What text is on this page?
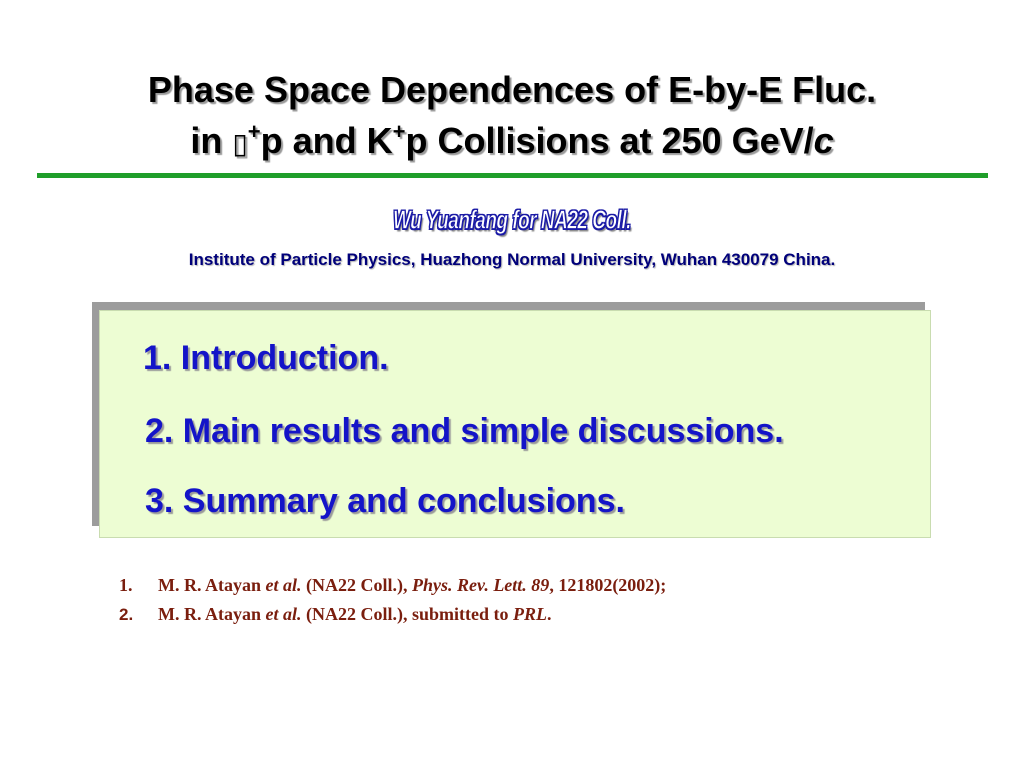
Phase Space Dependences of E-by-E Fluc.
in ▯+p and K+p Collisions at 250 GeV/c
Wu Yuanfang for NA22 Coll.
Institute of Particle Physics, Huazhong Normal University, Wuhan 430079 China.
1. Introduction.
2. Main results and simple discussions.
3. Summary and conclusions.
1. M. R. Atayan et al. (NA22 Coll.), Phys. Rev. Lett. 89, 121802(2002);
2. M. R. Atayan et al. (NA22 Coll.), submitted to PRL.
